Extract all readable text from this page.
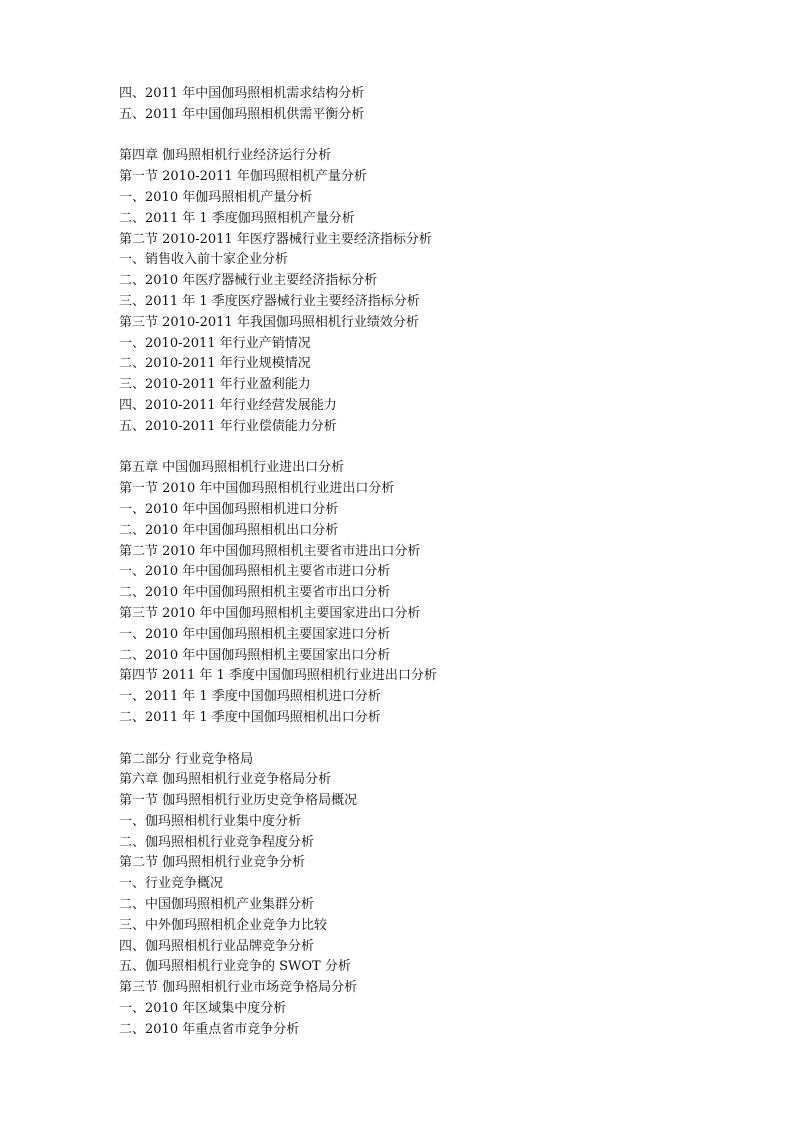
四、2011 年中国伽玛照相机需求结构分析
五、2011 年中国伽玛照相机供需平衡分析
第四章 伽玛照相机行业经济运行分析
第一节 2010-2011 年伽玛照相机产量分析
一、2010 年伽玛照相机产量分析
二、2011 年 1 季度伽玛照相机产量分析
第二节 2010-2011 年医疗器械行业主要经济指标分析
一、销售收入前十家企业分析
二、2010 年医疗器械行业主要经济指标分析
三、2011 年 1 季度医疗器械行业主要经济指标分析
第三节 2010-2011 年我国伽玛照相机行业绩效分析
一、2010-2011 年行业产销情况
二、2010-2011 年行业规模情况
三、2010-2011 年行业盈利能力
四、2010-2011 年行业经营发展能力
五、2010-2011 年行业偿债能力分析
第五章 中国伽玛照相机行业进出口分析
第一节 2010 年中国伽玛照相机行业进出口分析
一、2010 年中国伽玛照相机进口分析
二、2010 年中国伽玛照相机出口分析
第二节 2010 年中国伽玛照相机主要省市进出口分析
一、2010 年中国伽玛照相机主要省市进口分析
二、2010 年中国伽玛照相机主要省市出口分析
第三节 2010 年中国伽玛照相机主要国家进出口分析
一、2010 年中国伽玛照相机主要国家进口分析
二、2010 年中国伽玛照相机主要国家出口分析
第四节 2011 年 1 季度中国伽玛照相机行业进出口分析
一、2011 年 1 季度中国伽玛照相机进口分析
二、2011 年 1 季度中国伽玛照相机出口分析
第二部分 行业竞争格局
第六章 伽玛照相机行业竞争格局分析
第一节 伽玛照相机行业历史竞争格局概况
一、伽玛照相机行业集中度分析
二、伽玛照相机行业竞争程度分析
第二节 伽玛照相机行业竞争分析
一、行业竞争概况
二、中国伽玛照相机产业集群分析
三、中外伽玛照相机企业竞争力比较
四、伽玛照相机行业品牌竞争分析
五、伽玛照相机行业竞争的 SWOT 分析
第三节 伽玛照相机行业市场竞争格局分析
一、2010 年区域集中度分析
二、2010 年重点省市竞争分析
